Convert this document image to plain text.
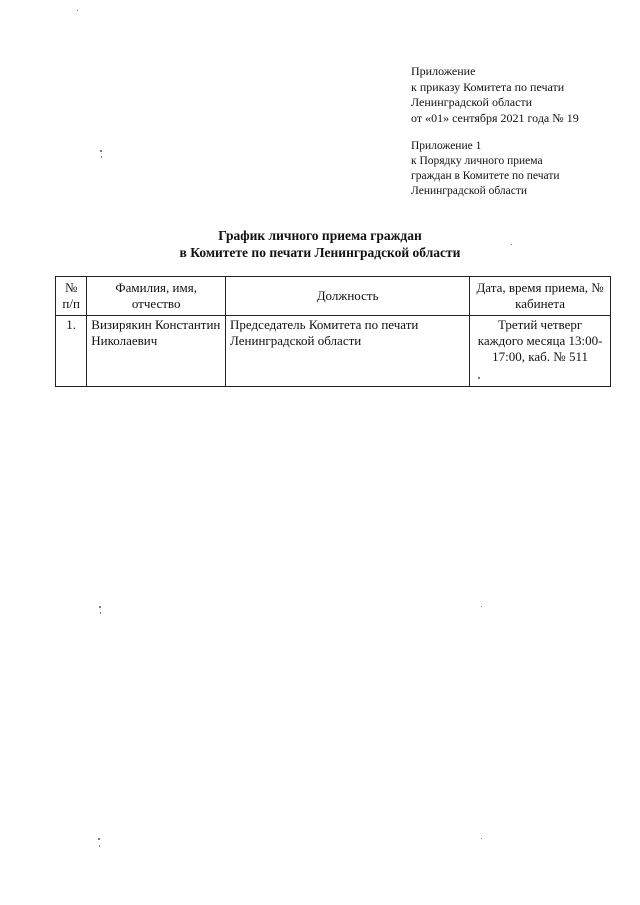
Приложение
к приказу Комитета по печати
Ленинградской области
от «01» сентября 2021 года № 19
Приложение 1
к Порядку личного приема
граждан в Комитете по печати
Ленинградской области
График личного приема граждан
в Комитете по печати Ленинградской области
№ п/п	Фамилия, имя, отчество	Должность	Дата, время приема, № кабинета
1.	Визирякин Константин Николаевич	Председатель Комитета по печати Ленинградской области	Третий четверг каждого месяца 13:00-17:00, каб. № 511
